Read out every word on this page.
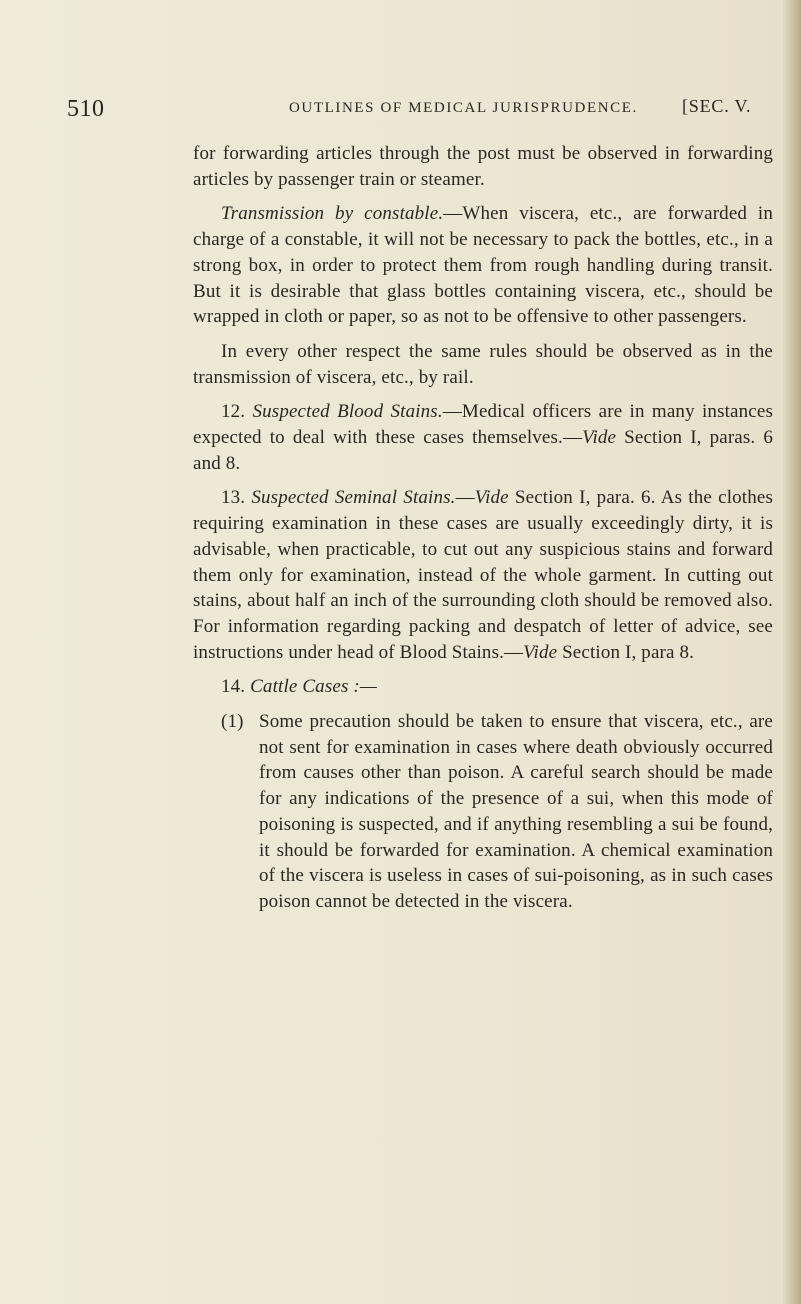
510	OUTLINES OF MEDICAL JURISPRUDENCE. [SEC. V.

for forwarding articles through the post must be observed in forwarding articles by passenger train or steamer.

Transmission by constable.—When viscera, etc., are forwarded in charge of a constable, it will not be necessary to pack the bottles, etc., in a strong box, in order to protect them from rough handling during transit. But it is desirable that glass bottles containing viscera, etc., should be wrapped in cloth or paper, so as not to be offensive to other passengers.

In every other respect the same rules should be observed as in the transmission of viscera, etc., by rail.

12. Suspected Blood Stains.—Medical officers are in many instances expected to deal with these cases themselves.—Vide Section I, paras. 6 and 8.

13. Suspected Seminal Stains.—Vide Section I, para. 6. As the clothes requiring examination in these cases are usually exceedingly dirty, it is advisable, when practicable, to cut out any suspicious stains and forward them only for examination, instead of the whole garment. In cutting out stains, about half an inch of the surrounding cloth should be removed also. For information regarding packing and despatch of letter of advice, see instructions under head of Blood Stains.—Vide Section I, para 8.

14. Cattle Cases :—

(1) Some precaution should be taken to ensure that viscera, etc., are not sent for examination in cases where death obviously occurred from causes other than poison. A careful search should be made for any indications of the presence of a sui, when this mode of poisoning is suspected, and if anything resembling a sui be found, it should be forwarded for examination. A chemical examination of the viscera is useless in cases of sui-poisoning, as in such cases poison cannot be detected in the viscera.
